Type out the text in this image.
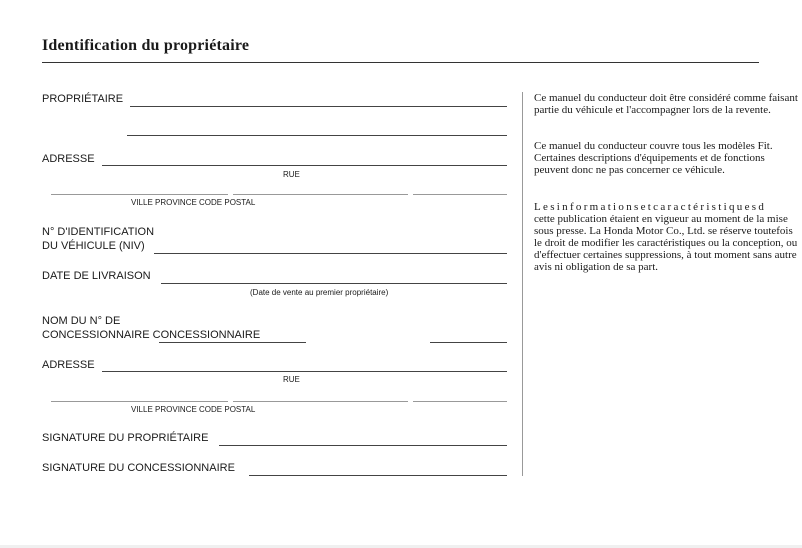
Identification du propriétaire
PROPRIÉTAIRE
ADRESSE
RUE
VILLE PROVINCE CODE POSTAL
N° D'IDENTIFICATION
DU VÉHICULE (NIV)
DATE DE LIVRAISON
(Date de vente au premier propriétaire)
NOM DU N° DE
CONCESSIONNAIRE CONCESSIONNAIRE
ADRESSE
RUE
VILLE PROVINCE CODE POSTAL
SIGNATURE DU PROPRIÉTAIRE
SIGNATURE DU CONCESSIONNAIRE
Ce manuel du conducteur doit être considéré comme faisant partie du véhicule et l'accompagner lors de la revente.
Ce manuel du conducteur couvre tous les modèles Fit. Certaines descriptions d'équipements et de fonctions peuvent donc ne pas concerner ce véhicule.
Lesinformationsetcaractéristiquesd
cette publication étaient en vigueur au moment de la mise sous presse. La Honda Motor Co., Ltd. se réserve toutefois le droit de modifier les caractéristiques ou la conception, ou d'effectuer certaines suppressions, à tout moment sans autre avis ni obligation de sa part.
